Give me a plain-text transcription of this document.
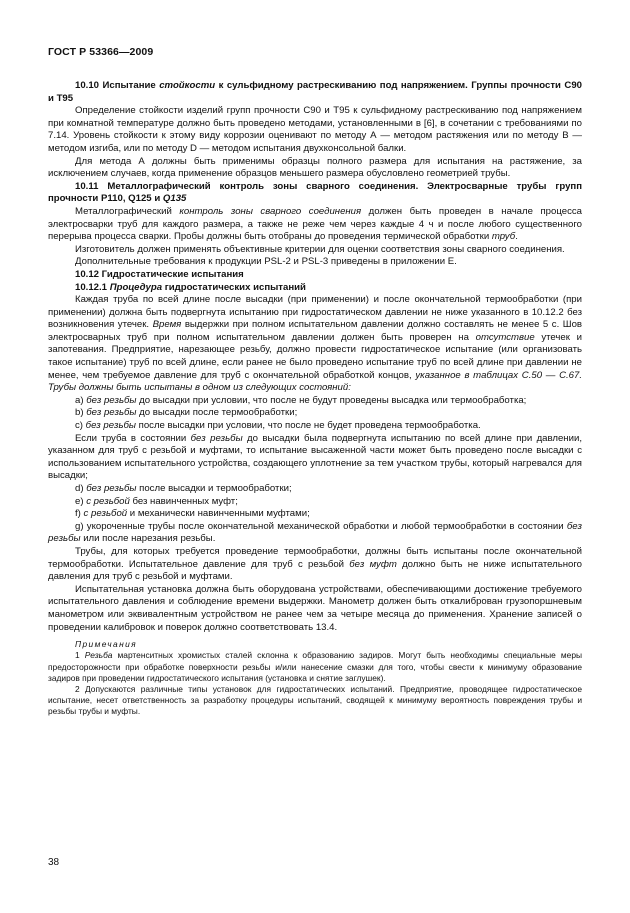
ГОСТ Р 53366—2009

10.10 Испытание стойкости к сульфидному растрескиванию под напряжением. Группы прочности С90 и Т95

Определение стойкости изделий групп прочности С90 и Т95 к сульфидному растрескиванию под напряжением при комнатной температуре должно быть проведено методами, установленными в [6], в сочетании с требованиями по 7.14. Уровень стойкости к этому виду коррозии оценивают по методу А — методом растяжения или по методу В — методом изгиба, или по методу D — методом испытания двухконсольной балки.

Для метода А должны быть применимы образцы полного размера для испытания на растяжение, за исключением случаев, когда применение образцов меньшего размера обусловлено геометрией трубы.

10.11 Металлографический контроль зоны сварного соединения. Электросварные трубы групп прочности Р110, Q125 и Q135

Металлографический контроль зоны сварного соединения должен быть проведен в начале процесса электросварки труб для каждого размера, а также не реже чем через каждые 4 ч и после любого существенного перерыва процесса сварки. Пробы должны быть отобраны до проведения термической обработки труб.

Изготовитель должен применять объективные критерии для оценки соответствия зоны сварного соединения.

Дополнительные требования к продукции PSL-2 и PSL-3 приведены в приложении Е.

10.12 Гидростатические испытания

10.12.1 Процедура гидростатических испытаний

Каждая труба по всей длине после высадки (при применении) и после окончательной термообработки (при применении) должна быть подвергнута испытанию при гидростатическом давлении не ниже указанного в 10.12.2 без возникновения утечек. Время выдержки при полном испытательном давлении должно составлять не менее 5 с. Шов электросварных труб при полном испытательном давлении должен быть проверен на отсутствие утечек и запотевания. Предприятие, нарезающее резьбу, должно провести гидростатическое испытание (или организовать такое испытание) труб по всей длине, если ранее не было проведено испытание труб по всей длине при давлении не менее, чем требуемое давление для труб с окончательной обработкой концов, указанное в таблицах С.50 — С.67. Трубы должны быть испытаны в одном из следующих состояний:

а) без резьбы до высадки при условии, что после не будут проведены высадка или термообработка;

b) без резьбы до высадки после термообработки;

с) без резьбы после высадки при условии, что после не будет проведена термообработка.

Если труба в состоянии без резьбы до высадки была подвергнута испытанию по всей длине при давлении, указанном для труб с резьбой и муфтами, то испытание высаженной части может быть проведено после высадки с использованием испытательного устройства, создающего уплотнение за тем участком трубы, который нагревался для высадки;

d) без резьбы после высадки и термообработки;

е) с резьбой без навинченных муфт;

f) с резьбой и механически навинченными муфтами;

g) укороченные трубы после окончательной механической обработки и любой термообработки в состоянии без резьбы или после нарезания резьбы.

Трубы, для которых требуется проведение термообработки, должны быть испытаны после окончательной термообработки. Испытательное давление для труб с резьбой без муфт должно быть не ниже испытательного давления для труб с резьбой и муфтами.

Испытательная установка должна быть оборудована устройствами, обеспечивающими достижение требуемого испытательного давления и соблюдение времени выдержки. Манометр должен быть откалиброван грузопоршневым манометром или эквивалентным устройством не ранее чем за четыре месяца до применения. Хранение записей о проведении калибровок и поверок должно соответствовать 13.4.

Примечания

1 Резьба мартенситных хромистых сталей склонна к образованию задиров. Могут быть необходимы специальные меры предосторожности при обработке поверхности резьбы и/или нанесение смазки для того, чтобы свести к минимуму образование задиров при проведении гидростатического испытания (установка и снятие заглушек).

2 Допускаются различные типы установок для гидростатических испытаний. Предприятие, проводящее гидростатическое испытание, несет ответственность за разработку процедуры испытаний, сводящей к минимуму вероятность повреждения трубы и резьбы трубы и муфты.

38
